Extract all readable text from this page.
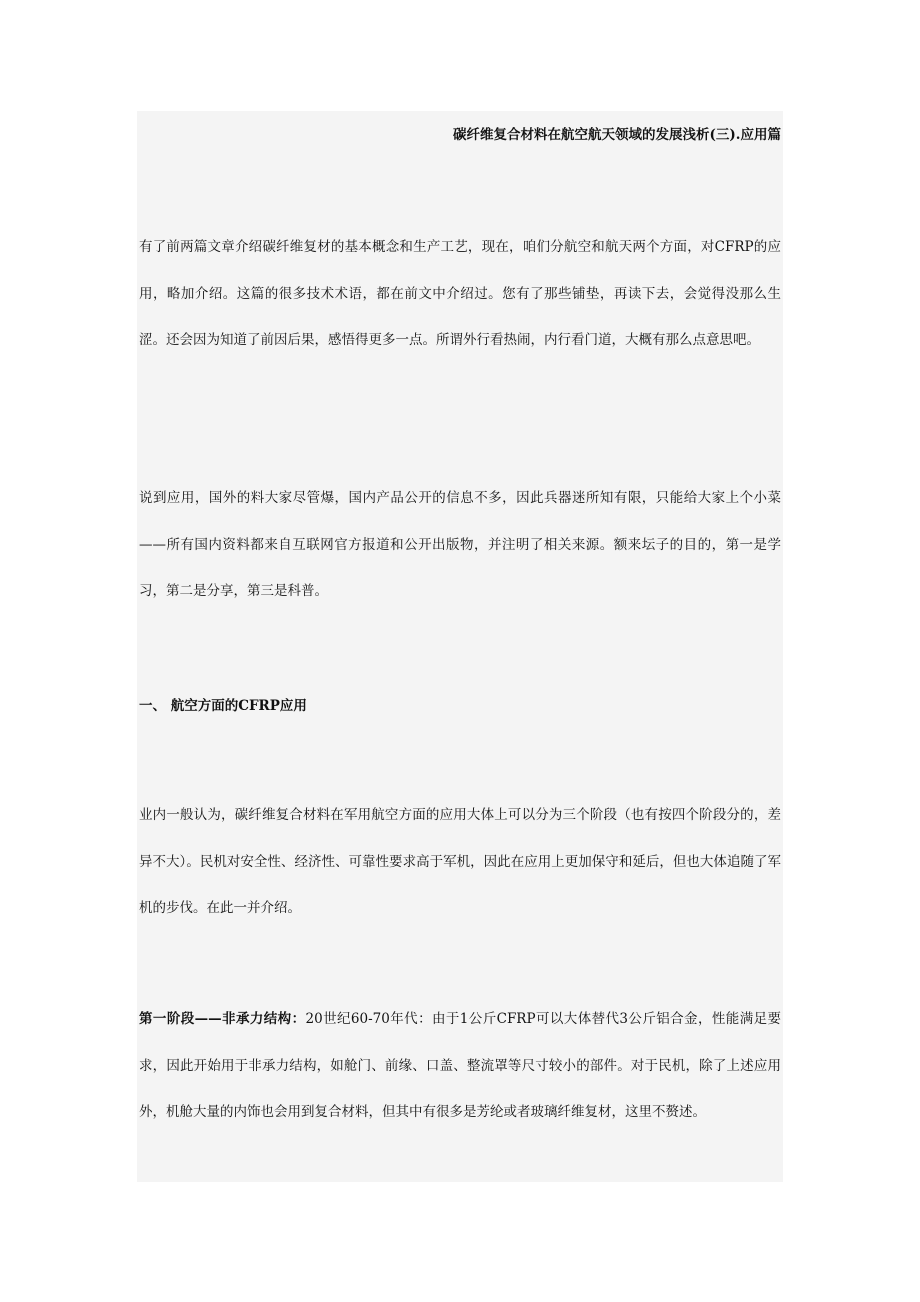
碳纤维复合材料在航空航天领域的发展浅析(三).应用篇
有了前两篇文章介绍碳纤维复材的基本概念和生产工艺，现在，咱们分航空和航天两个方面，对CFRP的应用，略加介绍。这篇的很多技术术语，都在前文中介绍过。您有了那些铺垫，再读下去，会觉得没那么生涩。还会因为知道了前因后果，感悟得更多一点。所谓外行看热闹，内行看门道，大概有那么点意思吧。
说到应用，国外的料大家尽管爆，国内产品公开的信息不多，因此兵器迷所知有限，只能给大家上个小菜——所有国内资料都来自互联网官方报道和公开出版物，并注明了相关来源。额来坛子的目的，第一是学习，第二是分享，第三是科普。
一、 航空方面的CFRP应用
业内一般认为，碳纤维复合材料在军用航空方面的应用大体上可以分为三个阶段（也有按四个阶段分的，差异不大）。民机对安全性、经济性、可靠性要求高于军机，因此在应用上更加保守和延后，但也大体追随了军机的步伐。在此一并介绍。
第一阶段——非承力结构：20世纪60-70年代：由于1公斤CFRP可以大体替代3公斤铝合金，性能满足要求，因此开始用于非承力结构，如舱门、前缘、口盖、整流罩等尺寸较小的部件。对于民机，除了上述应用外，机舱大量的内饰也会用到复合材料，但其中有很多是芳纶或者玻璃纤维复材，这里不赘述。
